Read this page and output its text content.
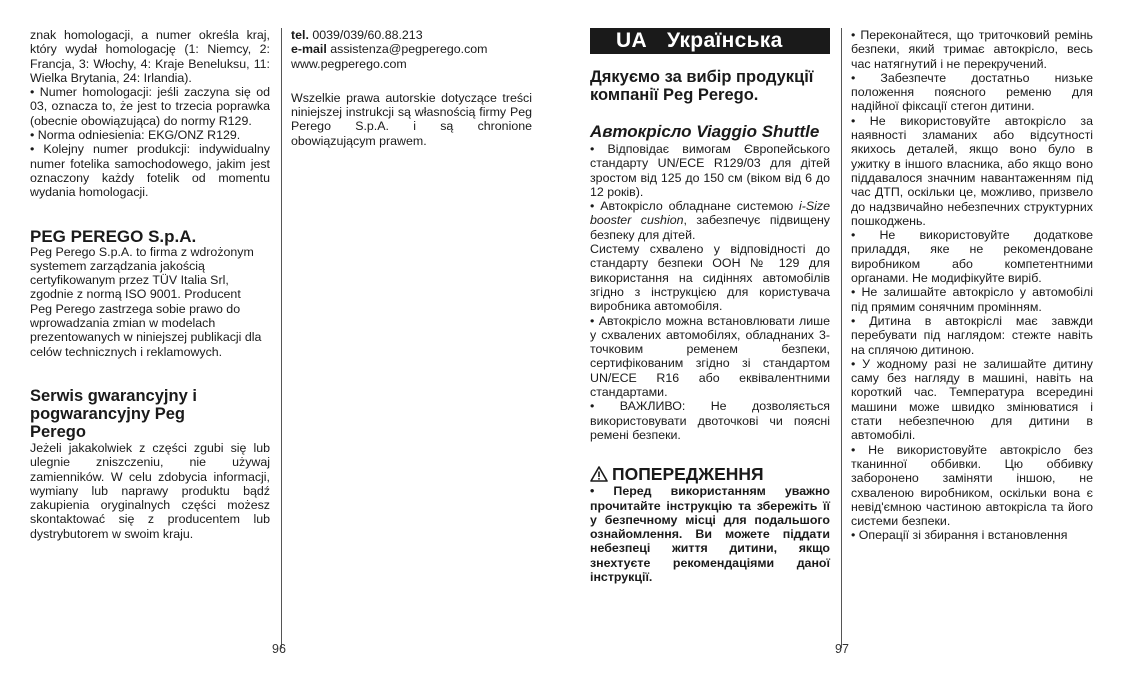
znak homologacji, a numer określa kraj, który wydał homologację (1: Niemcy, 2: Francja, 3: Włochy, 4: Kraje Beneluksu, 11: Wielka Brytania, 24: Irlandia).

• Numer homologacji: jeśli zaczyna się od 03, oznacza to, że jest to trzecia poprawka (obecnie obowiązująca) do normy R129.

• Norma odniesienia: EKG/ONZ R129.

• Kolejny numer produkcji: indywidualny numer fotelika samochodowego, jakim jest oznaczony każdy fotelik od momentu wydania homologacji.

PEG PEREGO S.p.A.

Peg Perego S.p.A. to firma z wdrożonym systemem zarządzania jakością certyfikowanym przez TÜV Italia Srl, zgodnie z normą ISO 9001. Producent Peg Perego zastrzega sobie prawo do wprowadzania zmian w modelach prezentowanych w niniejszej publikacji dla celów technicznych i reklamowych.

Serwis gwarancyjny i pogwarancyjny Peg Perego

Jeżeli jakakolwiek z części zgubi się lub ulegnie zniszczeniu, nie używaj zamienników. W celu zdobycia informacji, wymiany lub naprawy produktu bądź zakupienia oryginalnych części możesz skontaktować się z producentem lub dystrybutorem w swoim kraju.

tel. 0039/039/60.88.213

e-mail assistenza@pegperego.com

www.pegperego.com

Wszelkie prawa autorskie dotyczące treści niniejszej instrukcji są własnością firmy Peg Perego S.p.A. i są chronione obowiązującym prawem.

96
UA Українська

Дякуємо за вибір продукції компанії Peg Perego.

Автокрісло Viaggio Shuttle

• Відповідає вимогам Європейського стандарту UN/ECE R129/03 для дітей зростом від 125 до 150 см (віком від 6 до 12 років).

• Автокрісло обладнане системою i-Size booster cushion, забезпечує підвищену безпеку для дітей.

Систему схвалено у відповідності до стандарту безпеки ООН № 129 для використання на сидіннях автомобілів згідно з інструкцією для користувача виробника автомобіля.

• Автокрісло можна встановлювати лише у схвалених автомобілях, обладнаних 3-точковим ременем безпеки, сертифікованим згідно зі стандартом UN/ECE R16 або еквівалентними стандартами.

• ВАЖЛИВО: Не дозволяється використовувати двоточкові чи поясні ремені безпеки.

ПОПЕРЕДЖЕННЯ

• Перед використанням уважно прочитайте інструкцію та збережіть її у безпечному місці для подальшого ознайомлення. Ви можете піддати небезпеці життя дитини, якщо знехтуєте рекомендаціями даної інструкції.

• Переконайтеся, що триточковий ремінь безпеки, який тримає автокрісло, весь час натягнутий і не перекручений.

• Забезпечте достатньо низьке положення поясного ременю для надійної фіксації стегон дитини.

• Не використовуйте автокрісло за наявності зламаних або відсутності якихось деталей, якщо воно було в ужитку в іншого власника, або якщо воно піддавалося значним навантаженням під час ДТП, оскільки це, можливо, призвело до надзвичайно небезпечних структурних пошкоджень.

• Не використовуйте додаткове приладдя, яке не рекомендоване виробником або компетентними органами. Не модифікуйте виріб.

• Не залишайте автокрісло у автомобілі під прямим сонячним промінням.

• Дитина в автокріслі має завжди перебувати під наглядом: стежте навіть на сплячою дитиною.

• У жодному разі не залишайте дитину саму без нагляду в машині, навіть на короткий час. Температура всередині машини може швидко змінюватися і стати небезпечною для дитини в автомобілі.

• Не використовуйте автокрісло без тканинної оббивки. Цю оббивку заборонено заміняти іншою, не схваленою виробником, оскільки вона є невід'ємною частиною автокрісла та його системи безпеки.

• Операції зі збирання і встановлення

97
